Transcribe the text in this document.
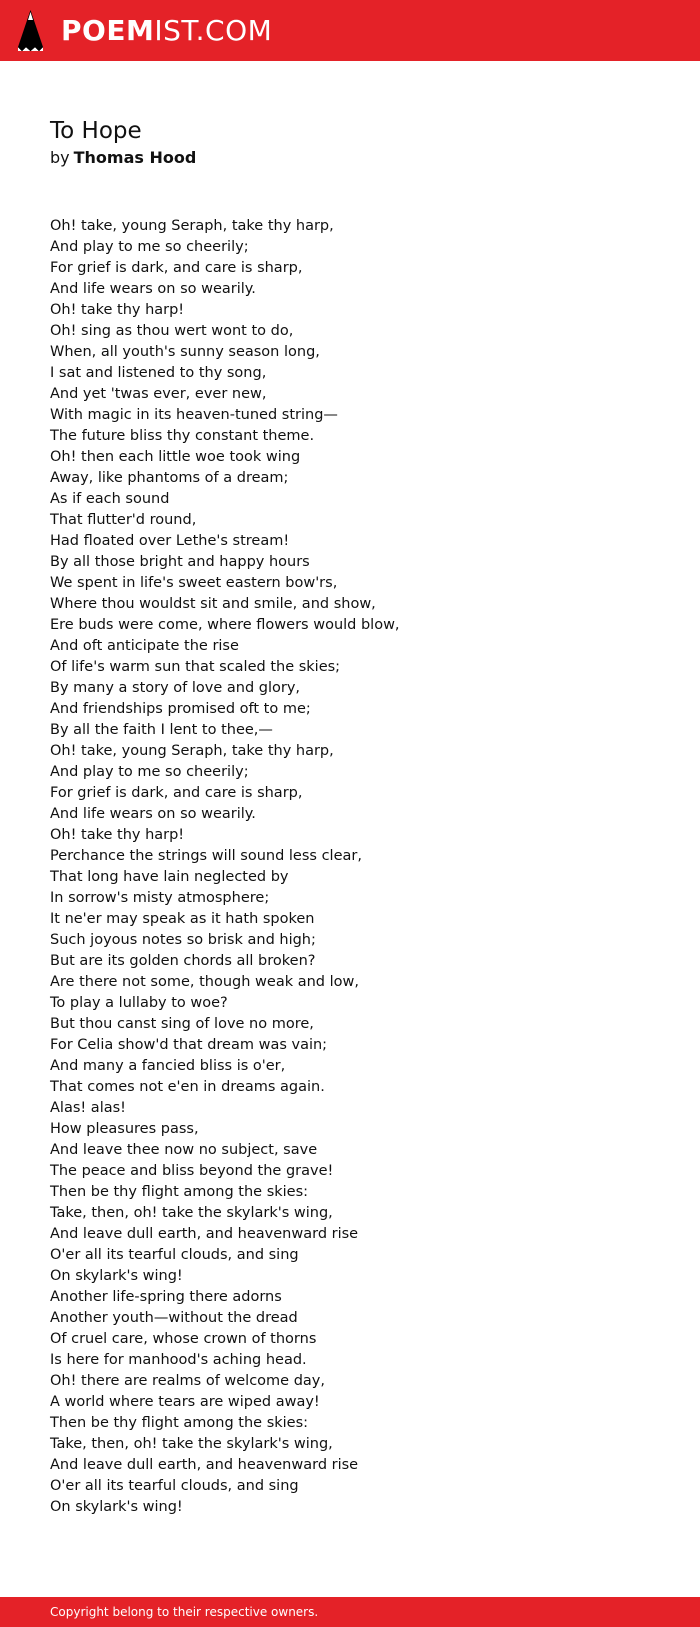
POEMIST.COM
To Hope
by Thomas Hood
Oh! take, young Seraph, take thy harp,
And play to me so cheerily;
For grief is dark, and care is sharp,
And life wears on so wearily.
Oh! take thy harp!
Oh! sing as thou wert wont to do,
When, all youth's sunny season long,
I sat and listened to thy song,
And yet 'twas ever, ever new,
With magic in its heaven-tuned string—
The future bliss thy constant theme.
Oh! then each little woe took wing
Away, like phantoms of a dream;
As if each sound
That flutter'd round,
Had floated over Lethe's stream!
By all those bright and happy hours
We spent in life's sweet eastern bow'rs,
Where thou wouldst sit and smile, and show,
Ere buds were come, where flowers would blow,
And oft anticipate the rise
Of life's warm sun that scaled the skies;
By many a story of love and glory,
And friendships promised oft to me;
By all the faith I lent to thee,—
Oh! take, young Seraph, take thy harp,
And play to me so cheerily;
For grief is dark, and care is sharp,
And life wears on so wearily.
Oh! take thy harp!
Perchance the strings will sound less clear,
That long have lain neglected by
In sorrow's misty atmosphere;
It ne'er may speak as it hath spoken
Such joyous notes so brisk and high;
But are its golden chords all broken?
Are there not some, though weak and low,
To play a lullaby to woe?
But thou canst sing of love no more,
For Celia show'd that dream was vain;
And many a fancied bliss is o'er,
That comes not e'en in dreams again.
Alas! alas!
How pleasures pass,
And leave thee now no subject, save
The peace and bliss beyond the grave!
Then be thy flight among the skies:
Take, then, oh! take the skylark's wing,
And leave dull earth, and heavenward rise
O'er all its tearful clouds, and sing
On skylark's wing!
Another life-spring there adorns
Another youth—without the dread
Of cruel care, whose crown of thorns
Is here for manhood's aching head.
Oh! there are realms of welcome day,
A world where tears are wiped away!
Then be thy flight among the skies:
Take, then, oh! take the skylark's wing,
And leave dull earth, and heavenward rise
O'er all its tearful clouds, and sing
On skylark's wing!
Copyright belong to their respective owners.
